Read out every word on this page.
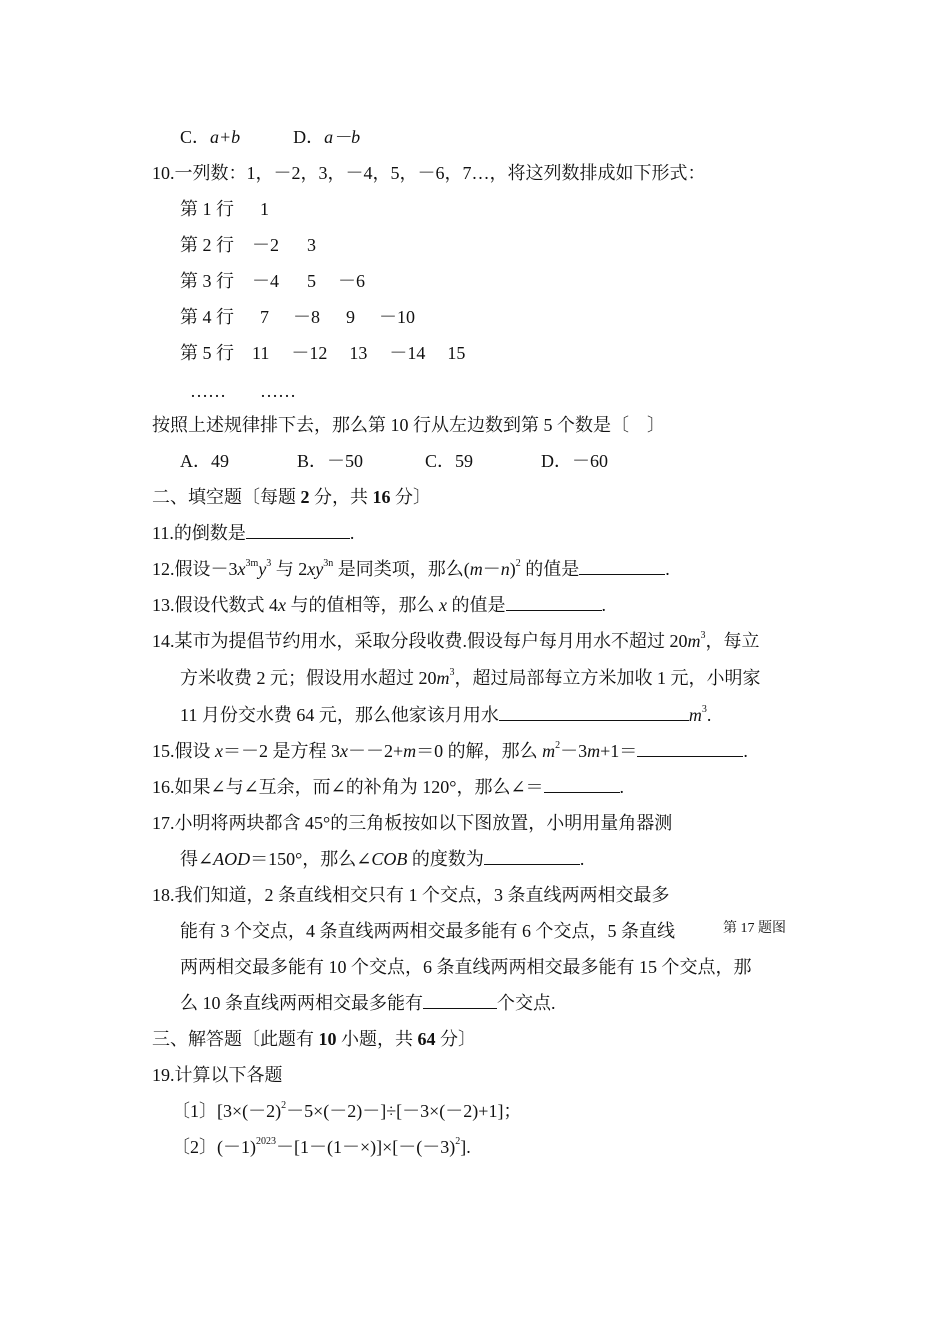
C．a+b	D．a－b
10.一列数：1，－2，3，－4，5，－6，7…，将这列数排成如下形式：
第 1 行 1
第 2 行 －2 3
第 3 行 －4 5 －6
第 4 行 7 －8 9 －10
第 5 行 11 －12 13 －14 15
…… ……
按照上述规律排下去，那么第 10 行从左边数到第 5 个数是〔　〕
A．49	B．－50	C．59	D．－60
二、填空题〔每题 2 分，共 16 分〕
11.的倒数是	.
12.假设$-3x^{3m}y^3$ 与 $2xy^{3n}$ 是同类项，那么$(m-n)^2$ 的值是	.
13.假设代数式 4x 与的值相等，那么 x 的值是	.
14.某市为提倡节约用水，采取分段收费.假设每户每月用水不超过 $20m^3$，每立
方米收费 2 元；假设用水超过 $20m^3$，超过局部每立方米加收 1 元，小明家
11 月份交水费 64 元，那么他家该月用水	$m^3$.
15.假设 x＝－2 是方程 3x－－2+m＝0 的解，那么 $m^2-3m+1=$	.
16.如果∠与∠互余，而∠的补角为 120°，那么∠＝	.
17.小明将两块都含 45°的三角板按如以下图放置，小明用量角器测
得∠AOD＝150°，那么∠COB 的度数为	.
18.我们知道，2 条直线相交只有 1 个交点，3 条直线两两相交最多
能有 3 个交点，4 条直线两两相交最多能有 6 个交点，5 条直线	第 17 题图
两两相交最多能有 10 个交点，6 条直线两两相交最多能有 15 个交点，那
么 10 条直线两两相交最多能有	个交点.
三、解答题〔此题有 10 小题，共 64 分〕
19.计算以下各题
〔1〕$[3\times(-2)^2-5\times(-2)-]\div[-3\times(-2)+1]$；
〔2〕$(-1)^{2023}-[1-(1-\times)]\times[-(-3)^2]$.
